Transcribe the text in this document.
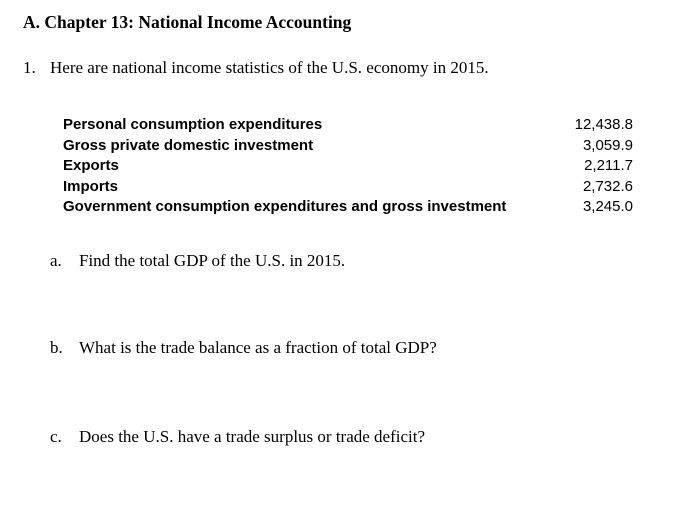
A. Chapter 13: National Income Accounting
1. Here are national income statistics of the U.S. economy in 2015.
Personal consumption expenditures	12,438.8
Gross private domestic investment	3,059.9
Exports	2,211.7
Imports	2,732.6
Government consumption expenditures and gross investment	3,245.0
a.	Find the total GDP of the U.S. in 2015.
b. What is the trade balance as a fraction of total GDP?
c.	Does the U.S. have a trade surplus or trade deficit?
